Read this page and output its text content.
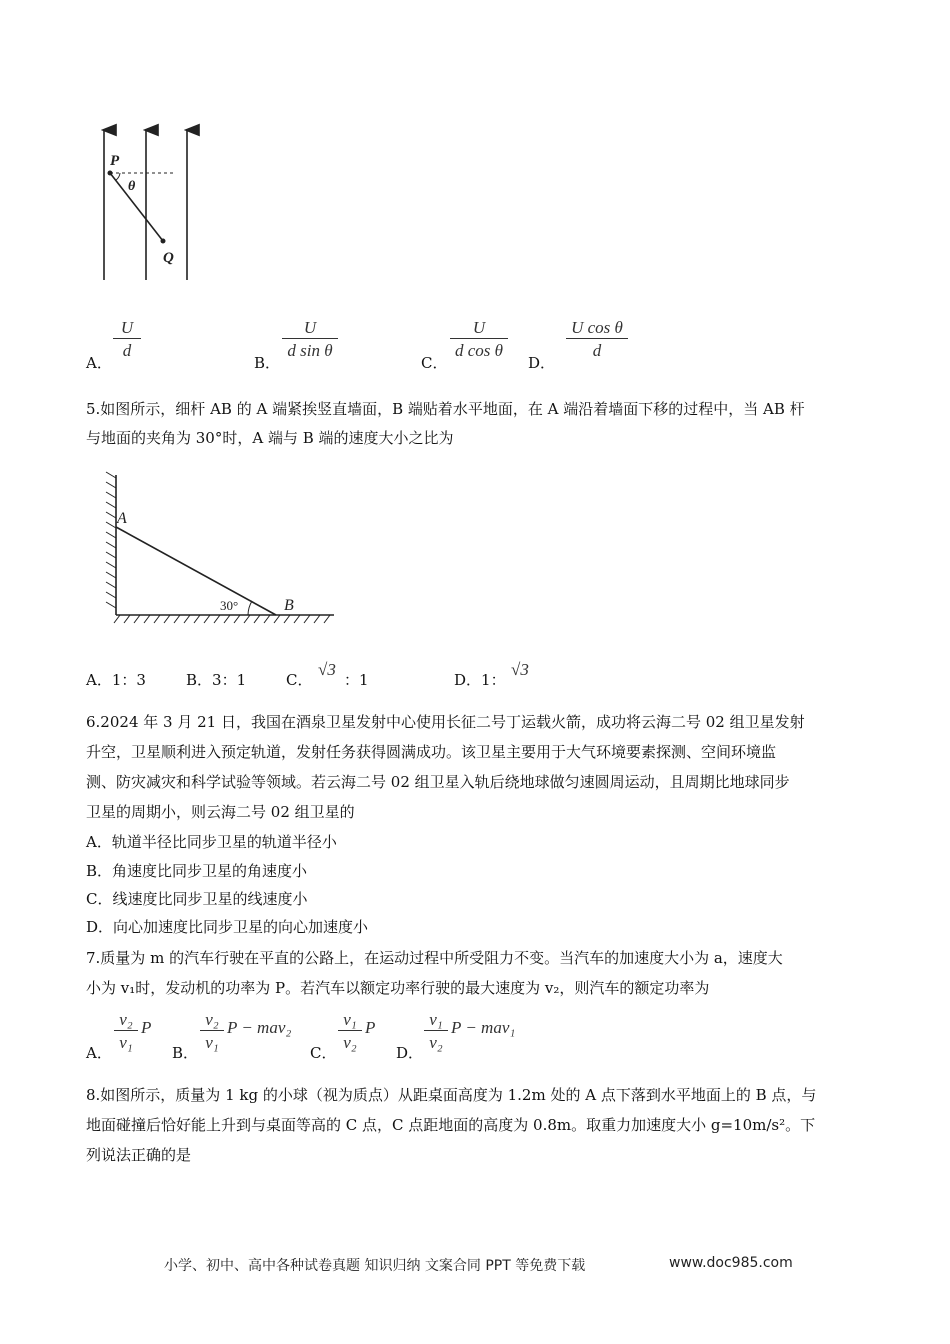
P
θ
Q
A．
$\frac{U}{d}$
B．
$\frac{U}{\text{d sin θ}}$
C．
$\frac{U}{\text{d cos θ}}$
D．
$\frac{\text{U cos θ}}{d}$
5.如图所示，细杆 AB 的 A 端紧挨竖直墙面，B 端贴着水平地面，在 A 端沿着墙面下移的过程中，当 AB 杆
与地面的夹角为 30°时，A 端与 B 端的速度大小之比为
A
30°	B
A．1：3	B．3：1	C．
√3
：1	D．1：
√3
6.2024 年 3 月 21 日，我国在酒泉卫星发射中心使用长征二号丁运载火箭，成功将云海二号 02 组卫星发射
升空，卫星顺利进入预定轨道，发射任务获得圆满成功。该卫星主要用于大气环境要素探测、空间环境监
测、防灾减灾和科学试验等领域。若云海二号 02 组卫星入轨后绕地球做匀速圆周运动，且周期比地球同步
卫星的周期小，则云海二号 02 组卫星的
A．轨道半径比同步卫星的轨道半径小
B．角速度比同步卫星的角速度小
C．线速度比同步卫星的线速度小
D．向心加速度比同步卫星的向心加速度小
7.质量为 m 的汽车行驶在平直的公路上，在运动过程中所受阻力不变。当汽车的加速度大小为 a，速度大
小为 v₁时，发动机的功率为 P。若汽车以额定功率行驶的最大速度为 v₂，则汽车的额定功率为
A． $\frac{\text{v₂}}{\text{v₁}}$ P
B． $\frac{\text{v₂}}{\text{v₁}}$ P − mav₂
C． $\frac{\text{v₁}}{\text{v₂}}$ P
D． $\frac{\text{v₁}}{\text{v₂}}$ P − mav₁
8.如图所示，质量为 1 kg 的小球（视为质点）从距桌面高度为 1.2m 处的 A 点下落到水平地面上的 B 点，与
地面碰撞后恰好能上升到与桌面等高的 C 点，C 点距地面的高度为 0.8m。取重力加速度大小 g=10m/s²。下
列说法正确的是
小学、初中、高中各种试卷真题 知识归纳 文案合同 PPT 等免费下载	www.doc985.com
